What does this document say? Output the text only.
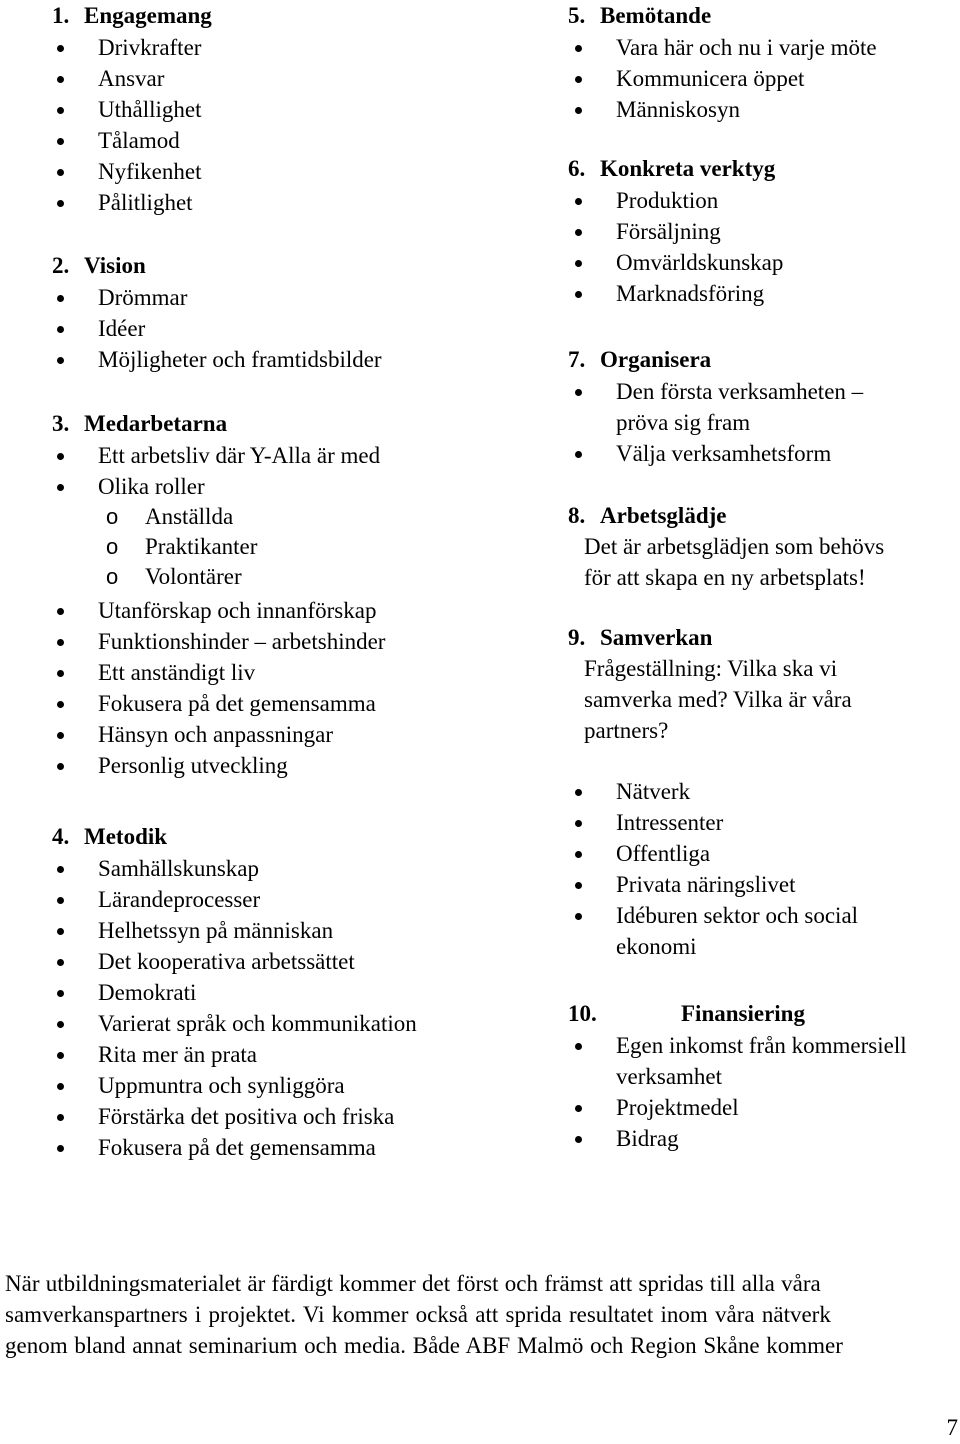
1. Engagemang
Drivkrafter
Ansvar
Uthållighet
Tålamod
Nyfikenhet
Pålitlighet
2. Vision
Drömmar
Idéer
Möjligheter och framtidsbilder
3. Medarbetarna
Ett arbetsliv där Y-Alla är med
Olika roller
o Anställda
o Praktikanter
o Volontärer
Utanförskap och innanförskap
Funktionshinder – arbetshinder
Ett anständigt liv
Fokusera på det gemensamma
Hänsyn och anpassningar
Personlig utveckling
4. Metodik
Samhällskunskap
Lärandeprocesser
Helhetssyn på människan
Det kooperativa arbetssättet
Demokrati
Varierat språk och kommunikation
Rita mer än prata
Uppmuntra och synliggöra
Förstärka det positiva och friska
Fokusera på det gemensamma
5. Bemötande
Vara här och nu i varje möte
Kommunicera öppet
Människosyn
6. Konkreta verktyg
Produktion
Försäljning
Omvärldskunskap
Marknadsföring
7. Organisera
Den första verksamheten – pröva sig fram
Välja verksamhetsform
8. Arbetsglädje
Det är arbetsglädjen som behövs för att skapa en ny arbetsplats!
9. Samverkan
Frågeställning: Vilka ska vi samverka med? Vilka är våra partners?
Nätverk
Intressenter
Offentliga
Privata näringslivet
Idéburen sektor och social ekonomi
10.	Finansiering
Egen inkomst från kommersiell verksamhet
Projektmedel
Bidrag
När utbildningsmaterialet är färdigt kommer det först och främst att spridas till alla våra
samverkanspartners i projektet. Vi kommer också att sprida resultatet inom våra nätverk
genom bland annat seminarium och media. Både ABF Malmö och Region Skåne kommer
7
